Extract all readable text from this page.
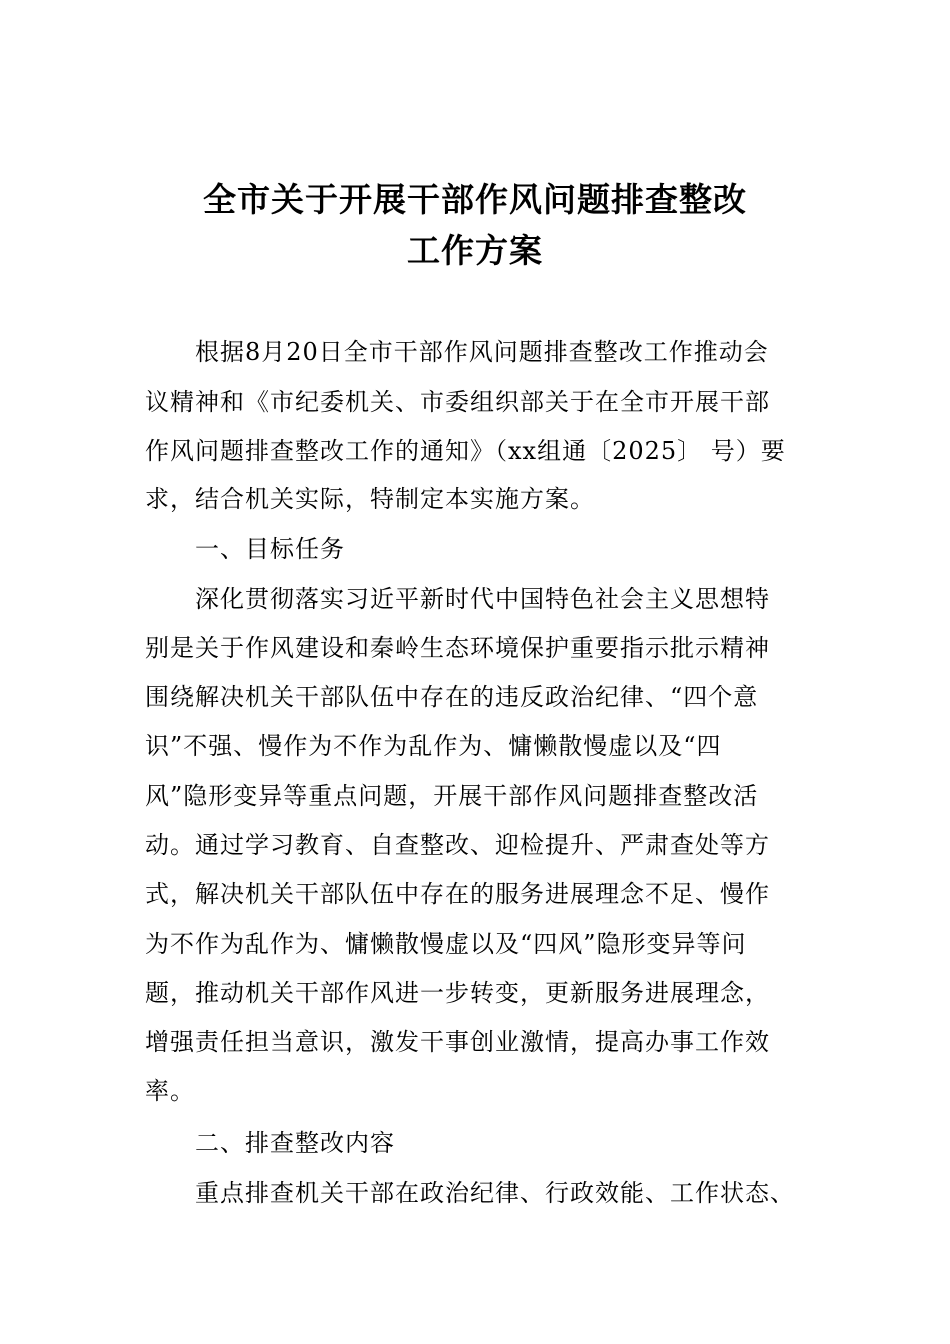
全市关于开展干部作风问题排查整改
工作方案
根据8月20日全市干部作风问题排查整改工作推动会
议精神和《市纪委机关、市委组织部关于在全市开展干部
作风问题排查整改工作的通知》（xx组通〔2025〕 号）要
求，结合机关实际，特制定本实施方案。
一、目标任务
深化贯彻落实习近平新时代中国特色社会主义思想特
别是关于作风建设和秦岭生态环境保护重要指示批示精神
围绕解决机关干部队伍中存在的违反政治纪律、“四个意
识”不强、慢作为不作为乱作为、慵懒散慢虚以及“四
风”隐形变异等重点问题，开展干部作风问题排查整改活
动。通过学习教育、自查整改、迎检提升、严肃查处等方
式，解决机关干部队伍中存在的服务进展理念不足、慢作
为不作为乱作为、慵懒散慢虚以及“四风”隐形变异等问
题，推动机关干部作风进一步转变，更新服务进展理念，
增强责任担当意识，激发干事创业激情，提高办事工作效
率。
二、排查整改内容
重点排查机关干部在政治纪律、行政效能、工作状态、
